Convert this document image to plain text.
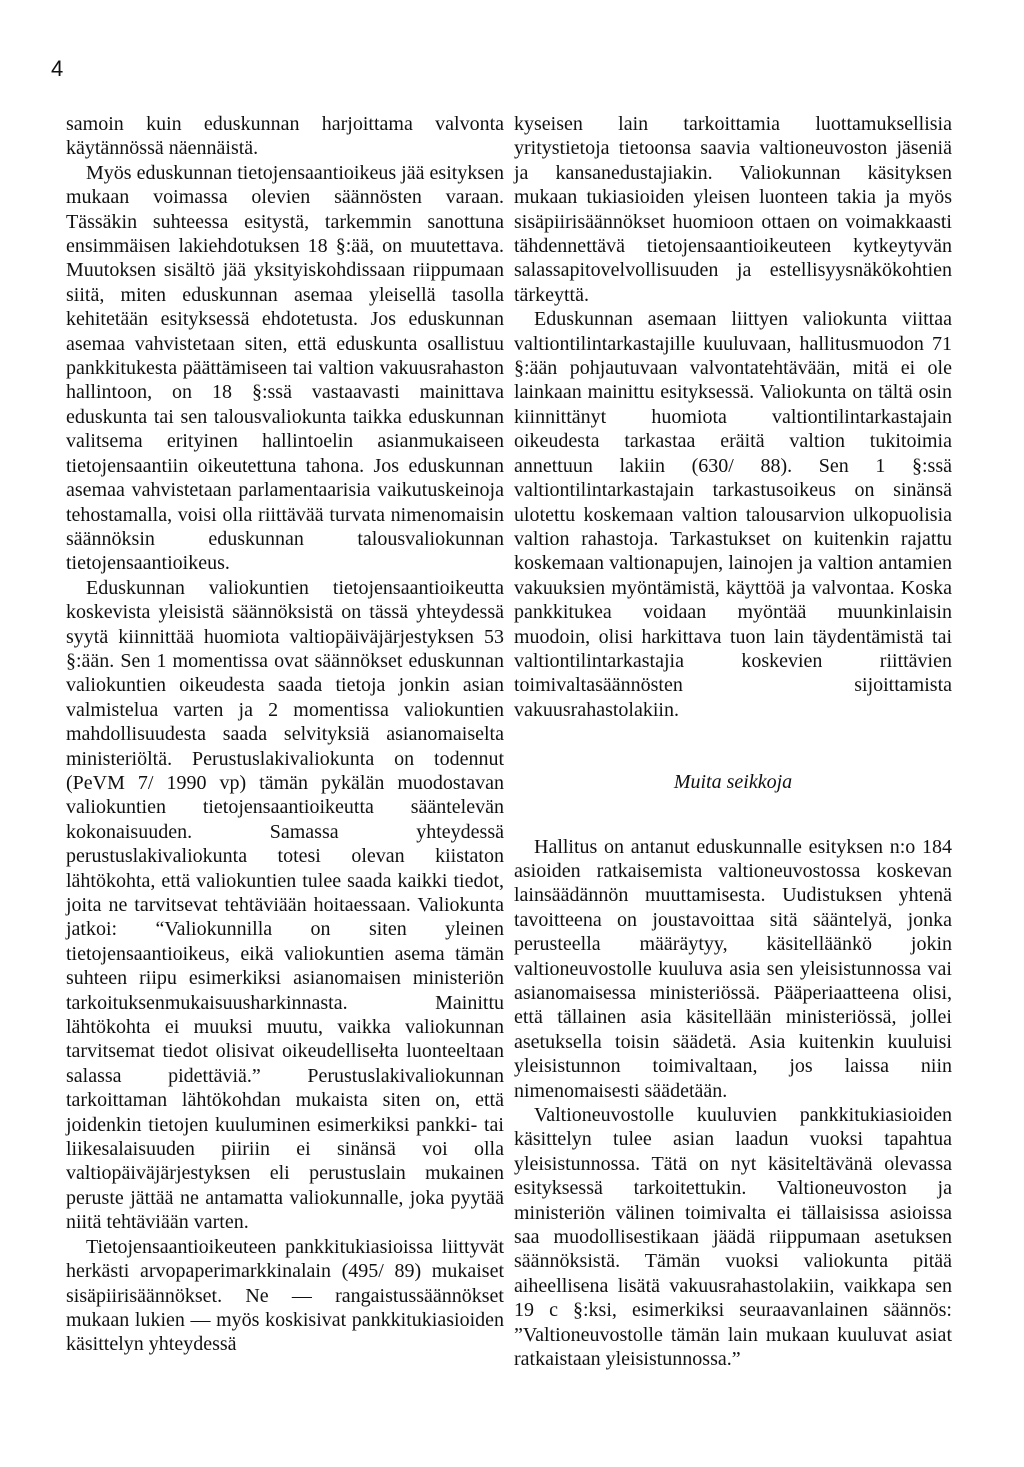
4

samoin kuin eduskunnan harjoittama valvonta käytännössä näennäistä.

Myös eduskunnan tietojensaantioikeus jää esityksen mukaan voimassa olevien säännösten varaan. Tässäkin suhteessa esitystä, tarkemmin sanottuna ensimmäisen lakiehdotuksen 18 §:ää, on muutettava. Muutoksen sisältö jää yksityiskohdissaan riippumaan siitä, miten eduskunnan asemaa yleisellä tasolla kehitetään esityksessä ehdotetusta. Jos eduskunnan asemaa vahvistetaan siten, että eduskunta osallistuu pankkitukesta päättämiseen tai valtion vakuusrahaston hallintoon, on 18 §:ssä vastaavasti mainittava eduskunta tai sen talousvaliokunta taikka eduskunnan valitsema erityinen hallintoelin asianmukaiseen tietojensaantiin oikeutettuna tahona. Jos eduskunnan asemaa vahvistetaan parlamentaarisia vaikutuskeinoja tehostamalla, voisi olla riittävää turvata nimenomaisin säännöksin eduskunnan talousvaliokunnan tietojensaantioikeus.

Eduskunnan valiokuntien tietojensaantioikeutta koskevista yleisistä säännöksistä on tässä yhteydessä syytä kiinnittää huomiota valtiopäiväjärjestyksen 53 §:ään. Sen 1 momentissa ovat säännökset eduskunnan valiokuntien oikeudesta saada tietoja jonkin asian valmistelua varten ja 2 momentissa valiokuntien mahdollisuudesta saada selvityksiä asianomaiselta ministeriöltä. Perustuslakivaliokunta on todennut (PeVM 7/ 1990 vp) tämän pykälän muodostavan valiokuntien tietojensaantioikeutta sääntelevän kokonaisuuden. Samassa yhteydessä perustuslakivaliokunta totesi olevan kiistaton lähtökohta, että valiokuntien tulee saada kaikki tiedot, joita ne tarvitsevat tehtäviään hoitaessaan. Valiokunta jatkoi: “Valiokunnilla on siten yleinen tietojensaantioikeus, eikä valiokuntien asema tämän suhteen riipu esimerkiksi asianomaisen ministeriön tarkoituksenmukaisuusharkinnasta. Mainittu lähtökohta ei muuksi muutu, vaikka valiokunnan tarvitsemat tiedot olisivat oikeudellisełta luonteeltaan salassa pidettäviä.” Perustuslakivaliokunnan tarkoittaman lähtökohdan mukaista siten on, että joidenkin tietojen kuuluminen esimerkiksi pankki- tai liikesalaisuuden piiriin ei sinänsä voi olla valtiopäiväjärjestyksen eli perustuslain mukainen peruste jättää ne antamatta valiokunnalle, joka pyytää niitä tehtäviään varten.

Tietojensaantioikeuteen pankkitukiasioissa liittyvät herkästi arvopaperimarkkinalain (495/ 89) mukaiset sisäpiirisäännökset. Ne — rangaistussäännökset mukaan lukien — myös koskisivat pankkitukiasioiden käsittelyn yhteydessä

kyseisen lain tarkoittamia luottamuksellisia yritystietoja tietoonsa saavia valtioneuvoston jäseniä ja kansanedustajiakin. Valiokunnan käsityksen mukaan tukiasioiden yleisen luonteen takia ja myös sisäpiirisäännökset huomioon ottaen on voimakkaasti tähdennettävä tietojensaantioikeuteen kytkeytyvän salassapitovelvollisuuden ja estellisyysnäkökohtien tärkeyttä.

Eduskunnan asemaan liittyen valiokunta viittaa valtiontilintarkastajille kuuluvaan, hallitusmuodon 71 §:ään pohjautuvaan valvontatehtävään, mitä ei ole lainkaan mainittu esityksessä. Valiokunta on tältä osin kiinnittänyt huomiota valtiontilintarkastajain oikeudesta tarkastaa eräitä valtion tukitoimia annettuun lakiin (630/ 88). Sen 1 §:ssä valtiontilintarkastajain tarkastusoikeus on sinänsä ulotettu koskemaan valtion talousarvion ulkopuolisia valtion rahastoja. Tarkastukset on kuitenkin rajattu koskemaan valtionapujen, lainojen ja valtion antamien vakuuksien myöntämistä, käyttöä ja valvontaa. Koska pankkitukea voidaan myöntää muunkinlaisin muodoin, olisi harkittava tuon lain täydentämistä tai valtiontilintarkastajia koskevien riittävien toimivaltasäännösten sijoittamista vakuusrahastolakiin.

Muita seikkoja

Hallitus on antanut eduskunnalle esityksen n:o 184 asioiden ratkaisemista valtioneuvostossa koskevan lainsäädännön muuttamisesta. Uudistuksen yhtenä tavoitteena on joustavoittaa sitä sääntelyä, jonka perusteella määräytyy, käsitelläänkö jokin valtioneuvostolle kuuluva asia sen yleisistunnossa vai asianomaisessa ministeriössä. Pääperiaatteena olisi, että tällainen asia käsitellään ministeriössä, jollei asetuksella toisin säädetä. Asia kuitenkin kuuluisi yleisistunnon toimivaltaan, jos laissa niin nimenomaisesti säädetään.

Valtioneuvostolle kuuluvien pankkitukiasioiden käsittelyn tulee asian laadun vuoksi tapahtua yleisistunnossa. Tätä on nyt käsiteltävänä olevassa esityksessä tarkoitettukin. Valtioneuvoston ja ministeriön välinen toimivalta ei tällaisissa asioissa saa muodollisestikaan jäädä riippumaan asetuksen säännöksistä. Tämän vuoksi valiokunta pitää aiheellisena lisätä vakuusrahastolakiin, vaikkapa sen 19 c §:ksi, esimerkiksi seuraavanlainen säännös: ”Valtioneuvostolle tämän lain mukaan kuuluvat asiat ratkaistaan yleisistunnossa.”
